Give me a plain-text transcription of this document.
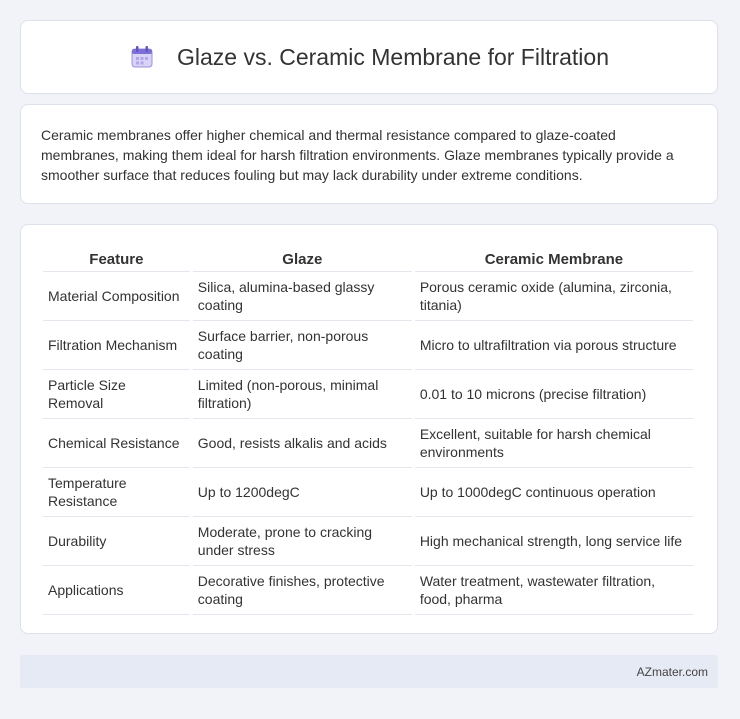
Glaze vs. Ceramic Membrane for Filtration

Ceramic membranes offer higher chemical and thermal resistance compared to glaze-coated membranes, making them ideal for harsh filtration environments. Glaze membranes typically provide a smoother surface that reduces fouling but may lack durability under extreme conditions.

Feature	Glaze	Ceramic Membrane
Material Composition	Silica, alumina-based glassy coating	Porous ceramic oxide (alumina, zirconia, titania)
Filtration Mechanism	Surface barrier, non-porous coating	Micro to ultrafiltration via porous structure
Particle Size Removal	Limited (non-porous, minimal filtration)	0.01 to 10 microns (precise filtration)
Chemical Resistance	Good, resists alkalis and acids	Excellent, suitable for harsh chemical environments
Temperature Resistance	Up to 1200degC	Up to 1000degC continuous operation
Durability	Moderate, prone to cracking under stress	High mechanical strength, long service life
Applications	Decorative finishes, protective coating	Water treatment, wastewater filtration, food, pharma
AZmater.com
